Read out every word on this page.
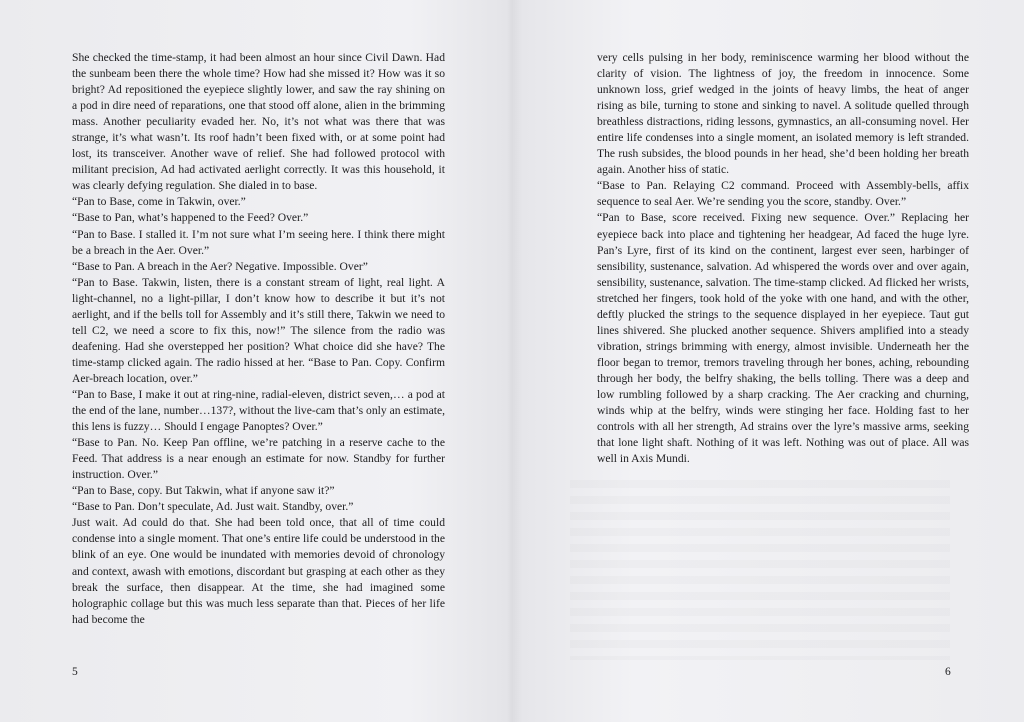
She checked the time-stamp, it had been almost an hour since Civil Dawn. Had the sunbeam been there the whole time? How had she missed it? How was it so bright? Ad repositioned the eyepiece slightly lower, and saw the ray shining on a pod in dire need of reparations, one that stood off alone, alien in the brimming mass. Another peculiarity evaded her. No, it’s not what was there that was strange, it’s what wasn’t. Its roof hadn’t been fixed with, or at some point had lost, its transceiver. Another wave of relief. She had followed protocol with militant precision, Ad had activated aerlight correctly. It was this household, it was clearly defying regulation. She dialed in to base.

“Pan to Base, come in Takwin, over.”

“Base to Pan, what’s happened to the Feed? Over.”

“Pan to Base. I stalled it. I’m not sure what I’m seeing here. I think there might be a breach in the Aer. Over.”

“Base to Pan. A breach in the Aer? Negative. Impossible. Over”

“Pan to Base. Takwin, listen, there is a constant stream of light, real light. A light-channel, no a light-pillar, I don’t know how to describe it but it’s not aerlight, and if the bells toll for Assembly and it’s still there, Takwin we need to tell C2, we need a score to fix this, now!” The silence from the radio was deafening. Had she overstepped her position? What choice did she have? The time-stamp clicked again. The radio hissed at her. “Base to Pan. Copy. Confirm Aer-breach location, over.”

“Pan to Base, I make it out at ring-nine, radial-eleven, district seven,… a pod at the end of the lane, number…137?, without the live-cam that’s only an estimate, this lens is fuzzy… Should I engage Panoptes? Over.”

“Base to Pan. No. Keep Pan offline, we’re patching in a reserve cache to the Feed. That address is a near enough an estimate for now. Standby for further instruction. Over.”

“Pan to Base, copy. But Takwin, what if anyone saw it?”

“Base to Pan. Don’t speculate, Ad. Just wait. Standby, over.”

Just wait. Ad could do that. She had been told once, that all of time could condense into a single moment. That one’s entire life could be understood in the blink of an eye. One would be inundated with memories devoid of chronology and context, awash with emotions, discordant but grasping at each other as they break the surface, then disappear. At the time, she had imagined some holographic collage but this was much less separate than that. Pieces of her life had become the

5

very cells pulsing in her body, reminiscence warming her blood without the clarity of vision. The lightness of joy, the freedom in innocence. Some unknown loss, grief wedged in the joints of heavy limbs, the heat of anger rising as bile, turning to stone and sinking to navel. A solitude quelled through breathless distractions, riding lessons, gymnastics, an all-consuming novel. Her entire life condenses into a single moment, an isolated memory is left stranded. The rush subsides, the blood pounds in her head, she’d been holding her breath again. Another hiss of static.

“Base to Pan. Relaying C2 command. Proceed with Assembly-bells, affix sequence to seal Aer. We’re sending you the score, standby. Over.”

“Pan to Base, score received. Fixing new sequence. Over.” Replacing her eyepiece back into place and tightening her headgear, Ad faced the huge lyre. Pan’s Lyre, first of its kind on the continent, largest ever seen, harbinger of sensibility, sustenance, salvation. Ad whispered the words over and over again, sensibility, sustenance, salvation. The time-stamp clicked. Ad flicked her wrists, stretched her fingers, took hold of the yoke with one hand, and with the other, deftly plucked the strings to the sequence displayed in her eyepiece. Taut gut lines shivered. She plucked another sequence. Shivers amplified into a steady vibration, strings brimming with energy, almost invisible. Underneath her the floor began to tremor, tremors traveling through her bones, aching, rebounding through her body, the belfry shaking, the bells tolling. There was a deep and low rumbling followed by a sharp cracking. The Aer cracking and churning, winds whip at the belfry, winds were stinging her face. Holding fast to her controls with all her strength, Ad strains over the lyre’s massive arms, seeking that lone light shaft. Nothing of it was left. Nothing was out of place. All was well in Axis Mundi.

6
